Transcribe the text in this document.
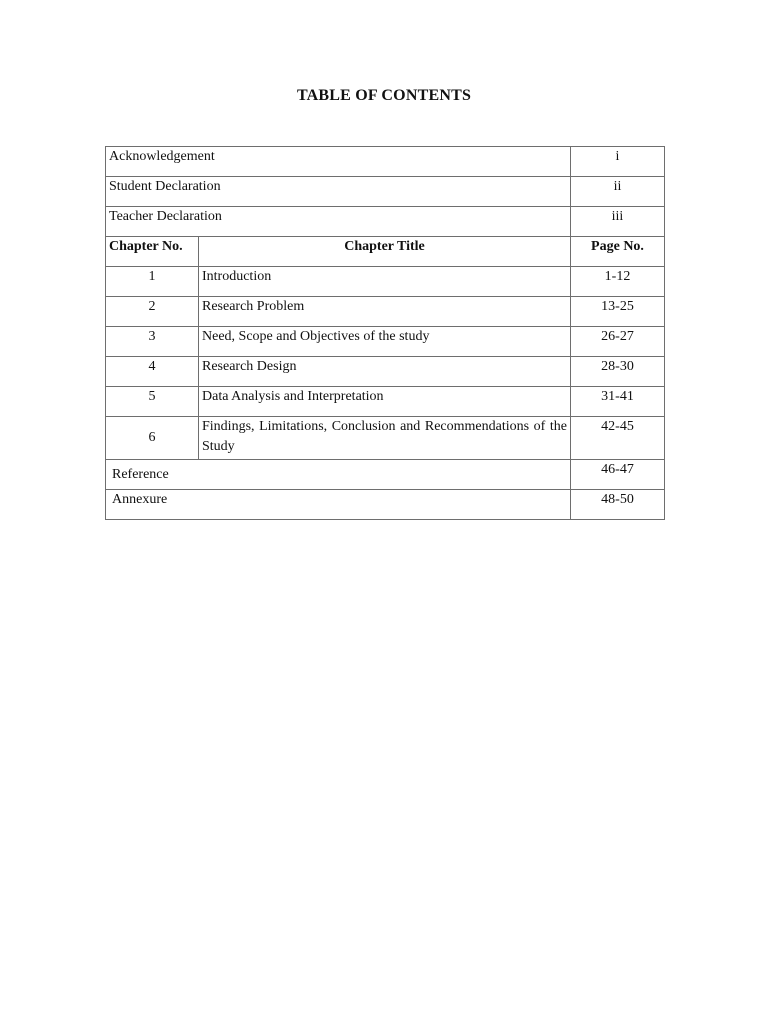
TABLE OF CONTENTS
Acknowledgement		i
Student Declaration		ii
Teacher Declaration		iii
Chapter No.	Chapter Title	Page No.
1	Introduction	1-12
2	Research Problem	13-25
3	Need, Scope and Objectives of the study	26-27
4	Research Design	28-30
5	Data Analysis and Interpretation	31-41
6	Findings, Limitations, Conclusion and Recommendations of the Study	42-45
Reference		46-47
Annexure		48-50
